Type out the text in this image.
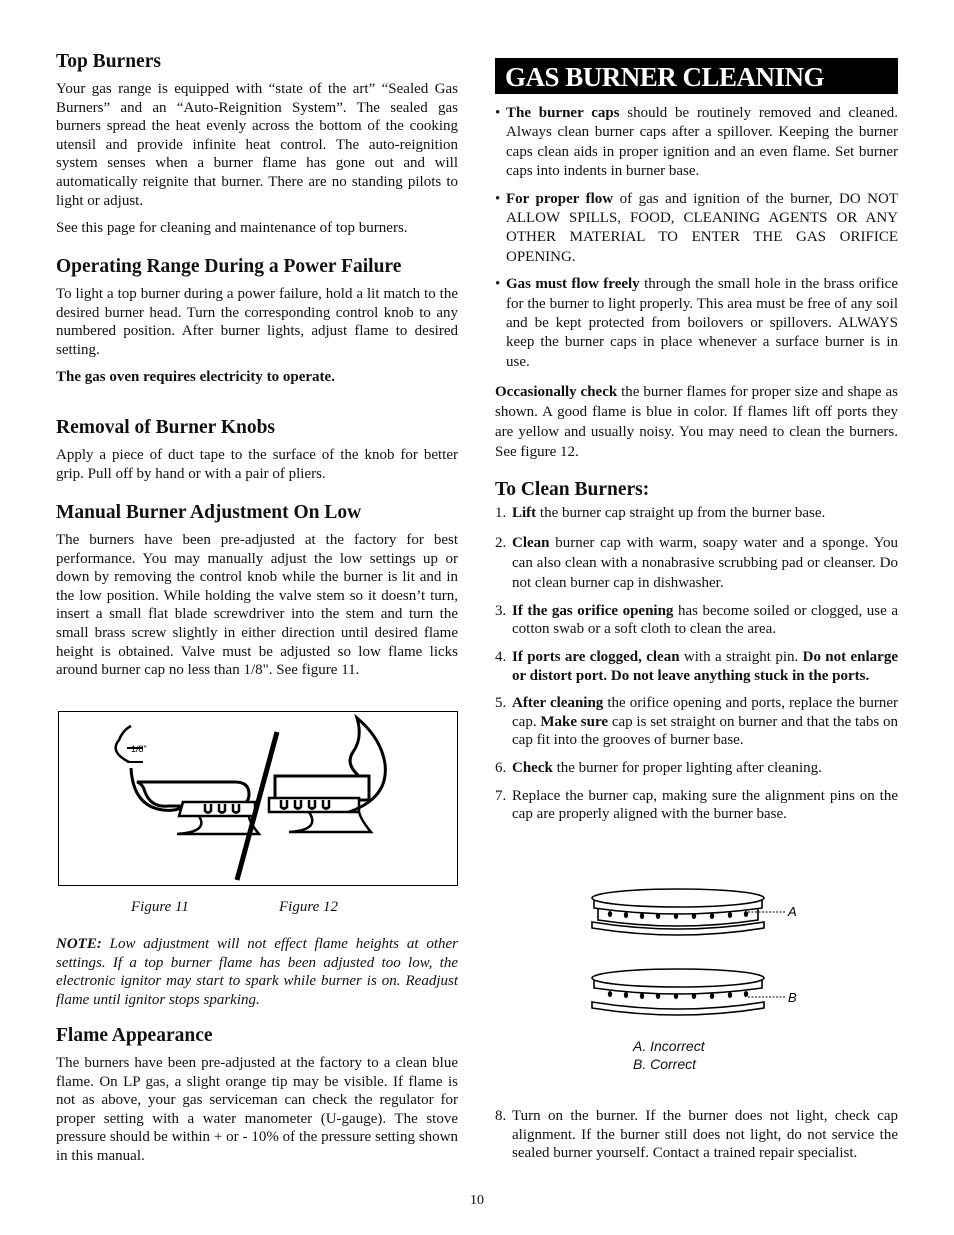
Top Burners

Your gas range is equipped with “state of the art” “Sealed Gas Burners” and an “Auto-Reignition System”. The sealed gas burners spread the heat evenly across the bottom of the cooking utensil and provide infinite heat control. The auto-reignition system senses when a burner flame has gone out and will automatically reignite that burner. There are no standing pilots to light or adjust.

See this page for cleaning and maintenance of top burners.

Operating Range During a Power Failure

To light a top burner during a power failure, hold a lit match to the desired burner head. Turn the corresponding control knob to any numbered position. After burner lights, adjust flame to desired setting.

The gas oven requires electricity to operate.

Removal of Burner Knobs

Apply a piece of duct tape to the surface of the knob for better grip. Pull off by hand or with a pair of pliers.

Manual Burner Adjustment On Low

The burners have been pre-adjusted at the factory for best performance. You may manually adjust the low settings up or down by removing the control knob while the burner is lit and in the low position. While holding the valve stem so it doesn’t turn, insert a small flat blade screwdriver into the stem and turn the small brass screw slightly in either direction until desired flame height is obtained. Valve must be adjusted so low flame licks around burner cap no less than 1/8". See figure 11.

1/8"
Figure 11	Figure 12

NOTE: Low adjustment will not effect flame heights at other settings. If a top burner flame has been adjusted too low, the electronic ignitor may start to spark while burner is on. Readjust flame until ignitor stops sparking.

Flame Appearance

The burners have been pre-adjusted at the factory to a clean blue flame. On LP gas, a slight orange tip may be visible. If flame is not as above, your gas serviceman can check the regulator for proper setting with a water manometer (U-gauge). The stove pressure should be within + or - 10% of the pressure setting shown in this manual.

GAS BURNER CLEANING
• The burner caps should be routinely removed and cleaned. Always clean burner caps after a spillover. Keeping the burner caps clean aids in proper ignition and an even flame. Set burner caps into indents in burner base.
• For proper flow of gas and ignition of the burner, DO NOT ALLOW SPILLS, FOOD, CLEANING AGENTS OR ANY OTHER MATERIAL TO ENTER THE GAS ORIFICE OPENING.
• Gas must flow freely through the small hole in the brass orifice for the burner to light properly. This area must be free of any soil and be kept protected from boilovers or spillovers. ALWAYS keep the burner caps in place whenever a surface burner is in use.

Occasionally check the burner flames for proper size and shape as shown. A good flame is blue in color. If flames lift off ports they are yellow and usually noisy. You may need to clean the burners. See figure 12.

To Clean Burners:
1. Lift the burner cap straight up from the burner base.
2. Clean burner cap with warm, soapy water and a sponge. You can also clean with a nonabrasive scrubbing pad or cleanser. Do not clean burner cap in dishwasher.
3. If the gas orifice opening has become soiled or clogged, use a cotton swab or a soft cloth to clean the area.
4. If ports are clogged, clean with a straight pin. Do not enlarge or distort port. Do not leave anything stuck in the ports.
5. After cleaning the orifice opening and ports, replace the burner cap. Make sure cap is set straight on burner and that the tabs on cap fit into the grooves of burner base.
6. Check the burner for proper lighting after cleaning.
7. Replace the burner cap, making sure the alignment pins on the cap are properly aligned with the burner base.
A
B
A. Incorrect
B. Correct
8. Turn on the burner. If the burner does not light, check cap alignment. If the burner still does not light, do not service the sealed burner yourself. Contact a trained repair specialist.
10
